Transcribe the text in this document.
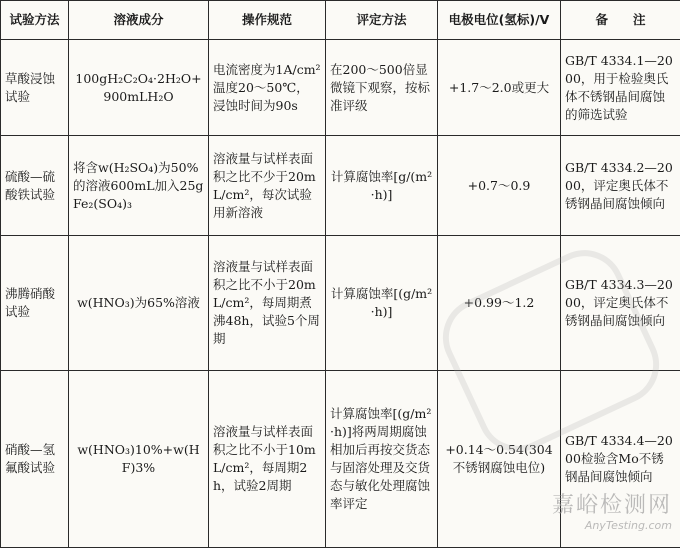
试验方法	溶液成分	操作规范	评定方法	电极电位(氢标)/V	备　　注
草酸浸蚀试验	100gH₂C₂O₄·2H₂O+900mLH₂O	电流密度为1A/cm² 温度20～50℃，浸蚀时间为90s	在200～500倍显微镜下观察，按标准评级	+1.7～2.0或更大	GB/T 4334.1—2000，用于检验奥氏体不锈钢晶间腐蚀的筛选试验
硫酸—硫酸铁试验	将含w(H₂SO₄)为50%的溶液600mL加入25gFe₂(SO₄)₃	溶液量与试样表面积之比不少于20mL/cm²，每次试验用新溶液	计算腐蚀率[g/(m²·h)]	+0.7～0.9	GB/T 4334.2—2000，评定奥氏体不锈钢晶间腐蚀倾向
沸腾硝酸试验	w(HNO₃)为65%溶液	溶液量与试样表面积之比不小于20mL/cm²，每周期煮沸48h，试验5个周期	计算腐蚀率[(g/m²·h)]	+0.99～1.2	GB/T 4334.3—2000，评定奥氏体不锈钢晶间腐蚀倾向
硝酸—氢氟酸试验	w(HNO₃)10%+w(HF)3%	溶液量与试样表面积之比不小于10mL/cm²，每周期2h，试验2周期	计算腐蚀率[(g/m²·h)]将两周期腐蚀相加后再按交货态与固溶处理及交货态与敏化处理腐蚀率评定	+0.14～0.54(304不锈钢腐蚀电位)	GB/T 4334.4—2000检验含Mo不锈钢晶间腐蚀倾向
嘉峪检测网
AnyTesting.com
